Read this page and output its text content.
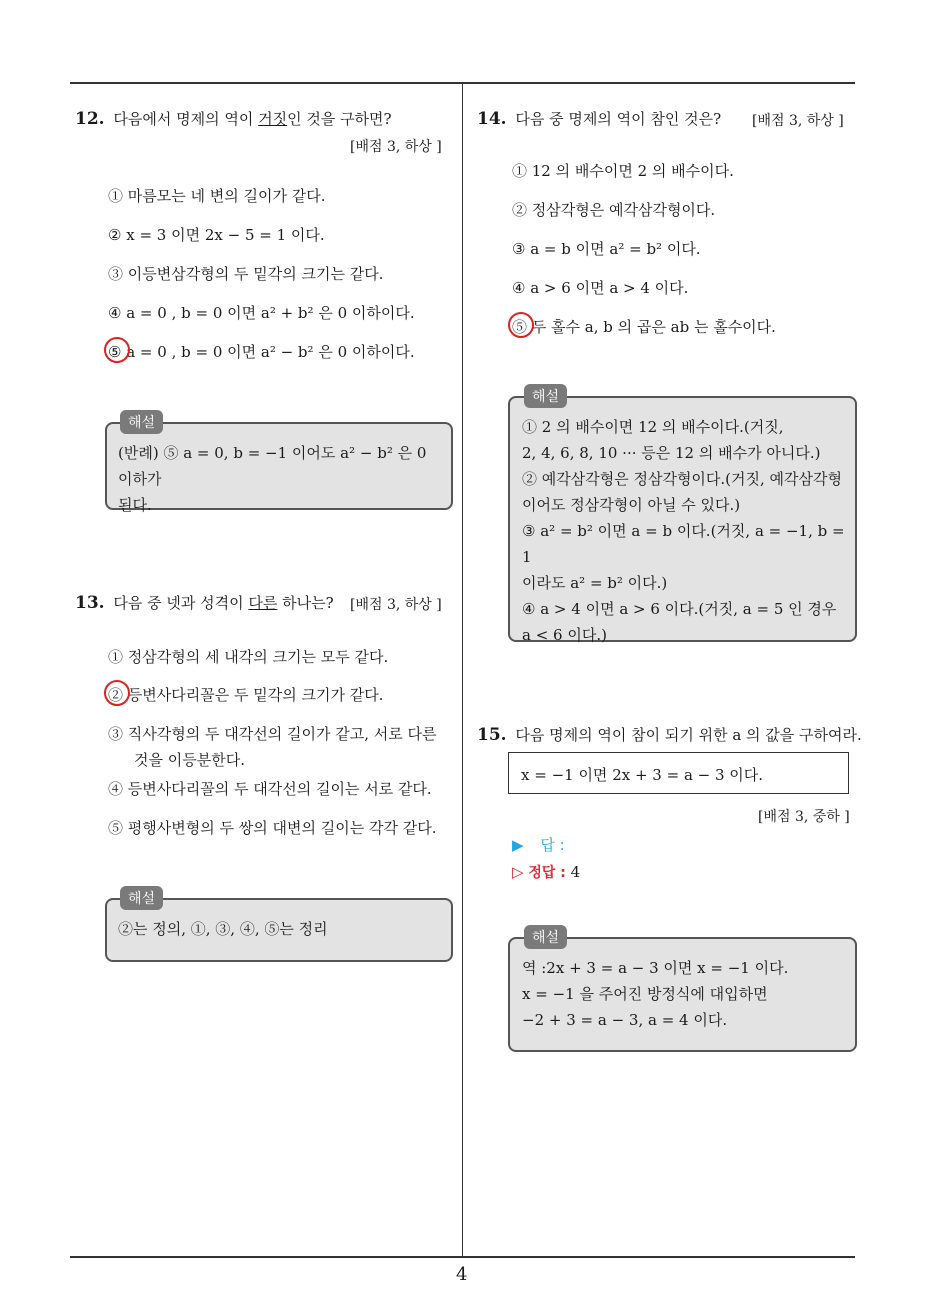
4
12. 다음에서 명제의 역이 거짓인 것을 구하면?
[배점 3, 하상 ]
① 마름모는 네 변의 길이가 같다.
② x = 3 이면 2x − 5 = 1 이다.
③ 이등변삼각형의 두 밑각의 크기는 같다.
④ a = 0 , b = 0 이면 a² + b² 은 0 이하이다.
⑤ a = 0 , b = 0 이면 a² − b² 은 0 이하이다.
해설
(반례) ⑤ a = 0, b = −1 이어도 a² − b² 은 0 이하가
된다.
13. 다음 중 넷과 성격이 다른 하나는? [배점 3, 하상 ]
① 정삼각형의 세 내각의 크기는 모두 같다.
② 등변사다리꼴은 두 밑각의 크기가 같다.
③ 직사각형의 두 대각선의 길이가 같고, 서로 다른
것을 이등분한다.
④ 등변사다리꼴의 두 대각선의 길이는 서로 같다.
⑤ 평행사변형의 두 쌍의 대변의 길이는 각각 같다.
해설
②는 정의, ①, ③, ④, ⑤는 정리
14. 다음 중 명제의 역이 참인 것은? [배점 3, 하상 ]
① 12 의 배수이면 2 의 배수이다.
② 정삼각형은 예각삼각형이다.
③ a = b 이면 a² = b² 이다.
④ a > 6 이면 a > 4 이다.
⑤ 두 홀수 a, b 의 곱은 ab 는 홀수이다.
해설
① 2 의 배수이면 12 의 배수이다.(거짓,
2, 4, 6, 8, 10 ··· 등은 12 의 배수가 아니다.)
② 예각삼각형은 정삼각형이다.(거짓, 예각삼각형
이어도 정삼각형이 아닐 수 있다.)
③ a² = b² 이면 a = b 이다.(거짓, a = −1, b = 1
이라도 a² = b² 이다.)
④ a > 4 이면 a > 6 이다.(거짓, a = 5 인 경우
a < 6 이다.)
15. 다음 명제의 역이 참이 되기 위한 a 의 값을 구하여라.
x = −1 이면 2x + 3 = a − 3 이다.
[배점 3, 중하 ]
▶ 답 :
▷ 정답 : 4
해설
역 :2x + 3 = a − 3 이면 x = −1 이다.
x = −1 을 주어진 방정식에 대입하면
−2 + 3 = a − 3, a = 4 이다.
